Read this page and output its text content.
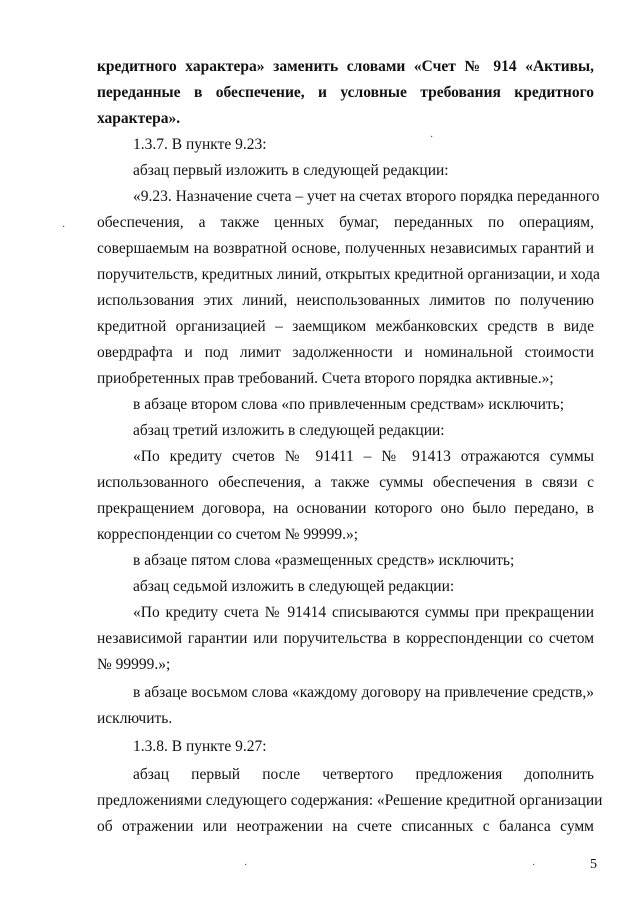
кредитного характера» заменить словами «Счет № 914 «Активы,
переданные в обеспечение, и условные требования кредитного
характера».
1.3.7. В пункте 9.23:
абзац первый изложить в следующей редакции:
«9.23. Назначение счета – учет на счетах второго порядка переданного
обеспечения, а также ценных бумаг, переданных по операциям,
совершаемым на возвратной основе, полученных независимых гарантий и
поручительств, кредитных линий, открытых кредитной организации, и хода
использования этих линий, неиспользованных лимитов по получению
кредитной организацией – заемщиком межбанковских средств в виде
овердрафта и под лимит задолженности и номинальной стоимости
приобретенных прав требований. Счета второго порядка активные.»;
в абзаце втором слова «по привлеченным средствам» исключить;
абзац третий изложить в следующей редакции:
«По кредиту счетов № 91411 – № 91413 отражаются суммы
использованного обеспечения, а также суммы обеспечения в связи с
прекращением договора, на основании которого оно было передано, в
корреспонденции со счетом № 99999.»;
в абзаце пятом слова «размещенных средств» исключить;
абзац седьмой изложить в следующей редакции:
«По кредиту счета № 91414 списываются суммы при прекращении
независимой гарантии или поручительства в корреспонденции со счетом
№ 99999.»;
в абзаце восьмом слова «каждому договору на привлечение средств,»
исключить.
1.3.8. В пункте 9.27:
абзац первый после четвертого предложения дополнить
предложениями следующего содержания: «Решение кредитной организации
об отражении или неотражении на счете списанных с баланса сумм
5
·
·
·	·
